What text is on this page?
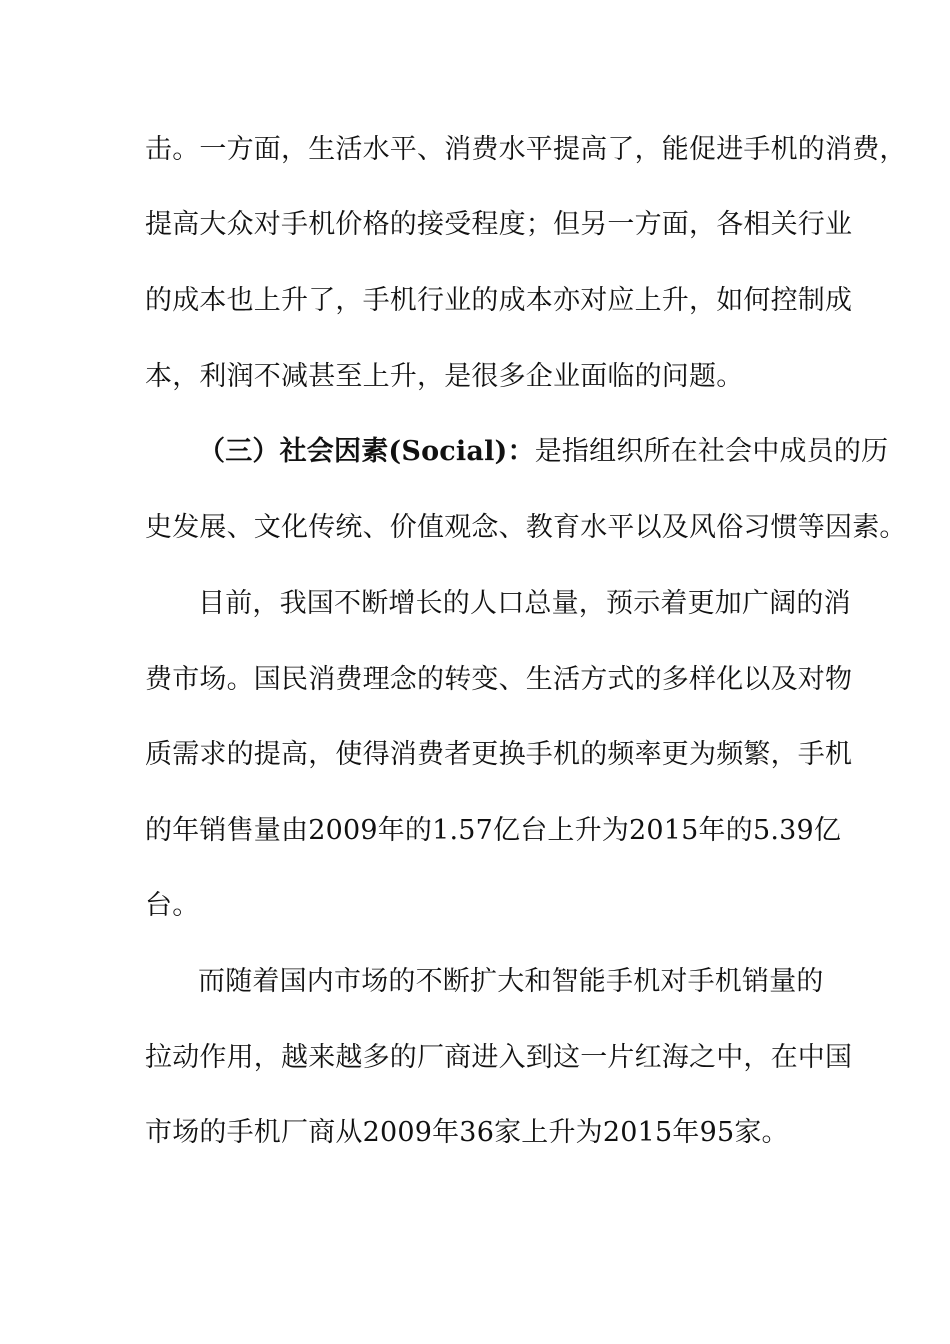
击。一方面，生活水平、消费水平提高了，能促进手机的消费，
提高大众对手机价格的接受程度；但另一方面，各相关行业
的成本也上升了，手机行业的成本亦对应上升，如何控制成
本，利润不减甚至上升，是很多企业面临的问题。
（三）社会因素(Social)：是指组织所在社会中成员的历
史发展、文化传统、价值观念、教育水平以及风俗习惯等因素。
目前，我国不断增长的人口总量，预示着更加广阔的消
费市场。国民消费理念的转变、生活方式的多样化以及对物
质需求的提高，使得消费者更换手机的频率更为频繁，手机
的年销售量由2009年的1.57亿台上升为2015年的5.39亿
台。
而随着国内市场的不断扩大和智能手机对手机销量的
拉动作用，越来越多的厂商进入到这一片红海之中，在中国
市场的手机厂商从2009年36家上升为2015年95家。
